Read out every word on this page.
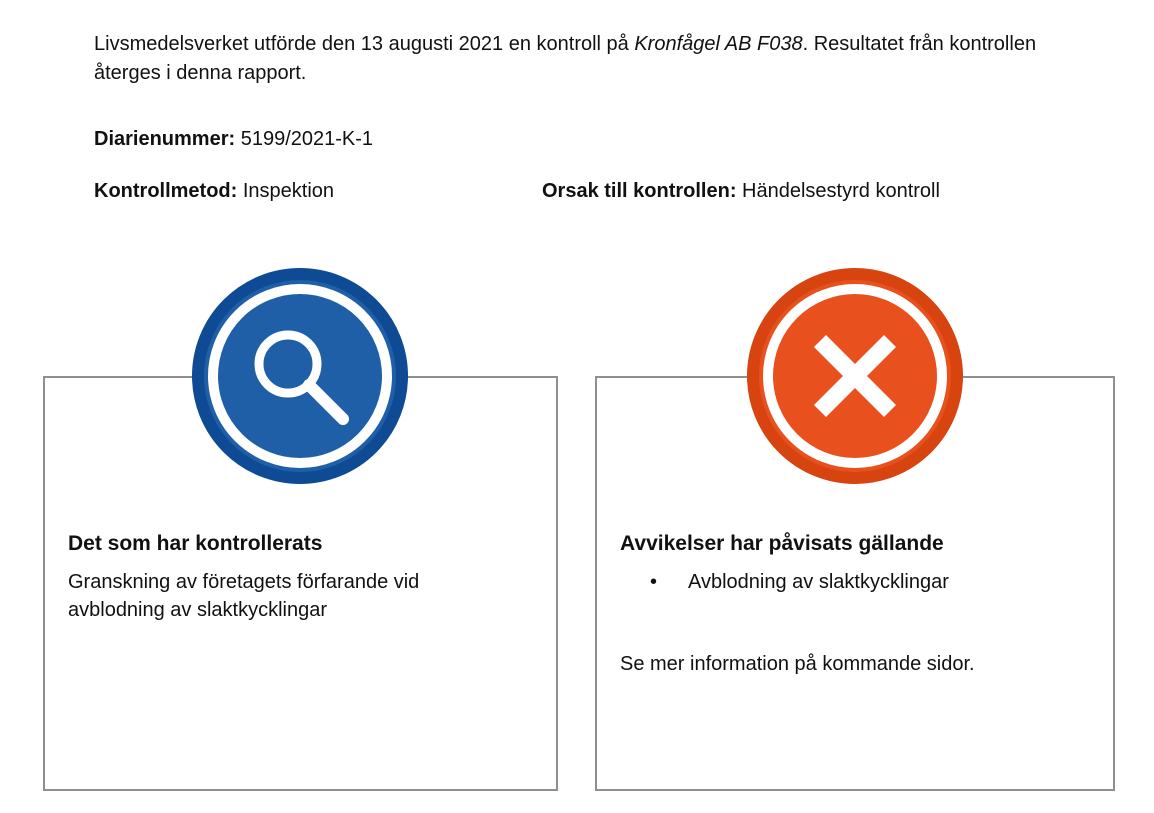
Livsmedelsverket utförde den 13 augusti 2021 en kontroll på Kronfågel AB F038. Resultatet från kontrollen återges i denna rapport.
Diarienummer: 5199/2021-K-1
Kontrollmetod: Inspektion	Orsak till kontrollen: Händelsestyrd kontroll
Det som har kontrollerats
Granskning av företagets förfarande vid avblodning av slaktkycklingar
Avvikelser har påvisats gällande
• Avblodning av slaktkycklingar
Se mer information på kommande sidor.
